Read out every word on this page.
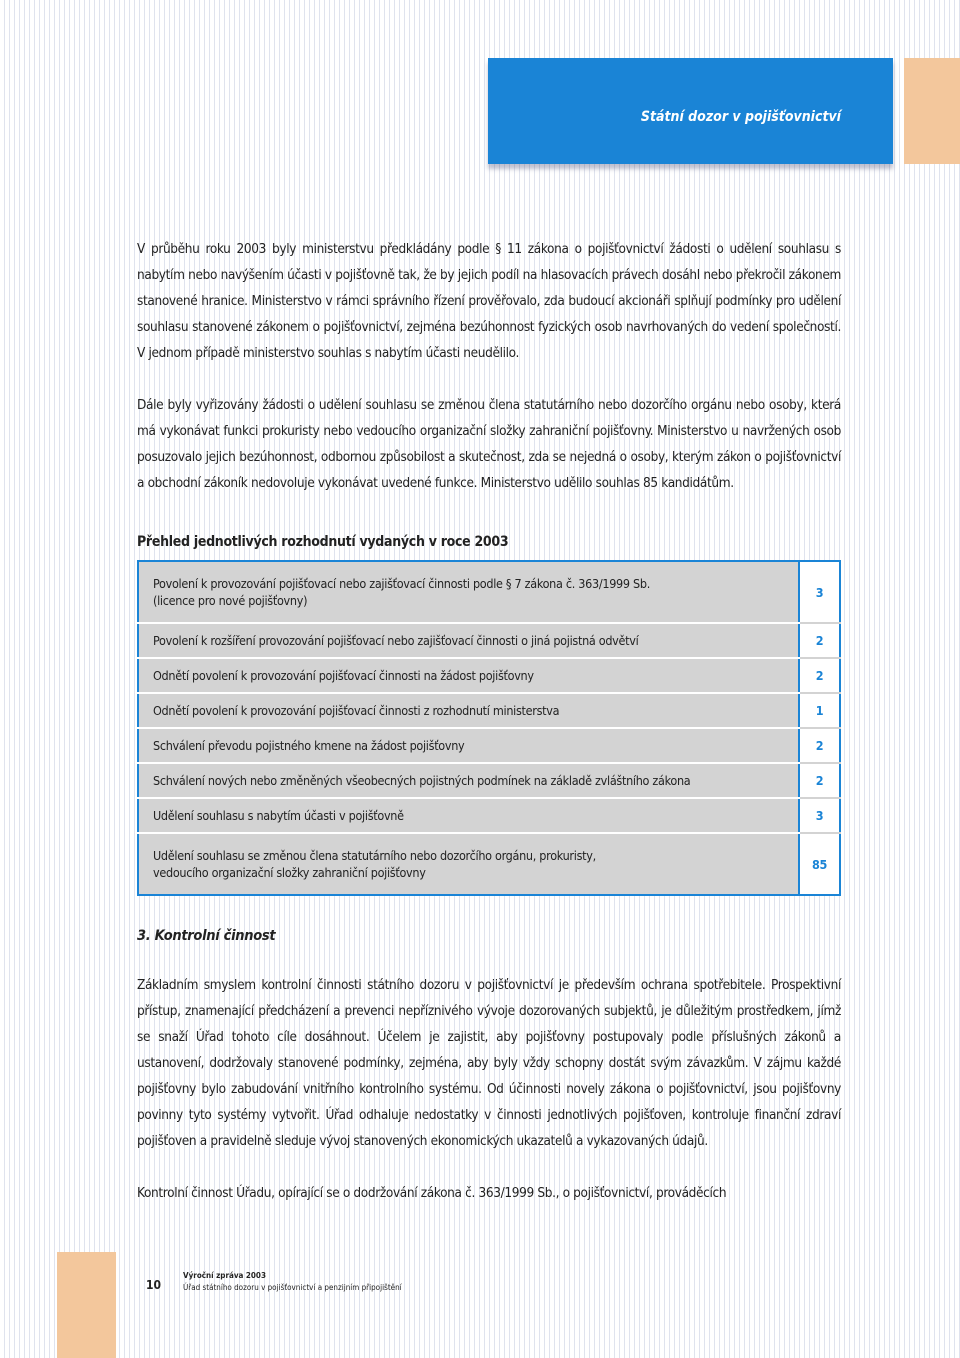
Státní dozor v pojišťovnictví

V průběhu roku 2003 byly ministerstvu předkládány podle § 11 zákona o pojišťovnictví žádosti o udělení souhlasu s nabytím nebo navýšením účasti v pojišťovně tak, že by jejich podíl na hlasovacích právech dosáhl nebo překročil zákonem stanovené hranice. Ministerstvo v rámci správního řízení prověřovalo, zda budoucí akcionáři splňují podmínky pro udělení souhlasu stanovené zákonem o pojišťovnictví, zejména bezúhonnost fyzických osob navrhovaných do vedení společností. V jednom případě ministerstvo souhlas s nabytím účasti neudělilo.

Dále byly vyřizovány žádosti o udělení souhlasu se změnou člena statutárního nebo dozorčího orgánu nebo osoby, která má vykonávat funkci prokuristy nebo vedoucího organizační složky zahraniční pojišťovny. Ministerstvo u navržených osob posuzovalo jejich bezúhonnost, odbornou způsobilost a skutečnost, zda se nejedná o osoby, kterým zákon o pojišťovnictví a obchodní zákoník nedovoluje vykonávat uvedené funkce. Ministerstvo udělilo souhlas 85 kandidátům.

Přehled jednotlivých rozhodnutí vydaných v roce 2003
Povolení k provozování pojišťovací nebo zajišťovací činnosti podle § 7 zákona č. 363/1999 Sb.
(licence pro nové pojišťovny)	3
Povolení k rozšíření provozování pojišťovací nebo zajišťovací činnosti o jiná pojistná odvětví	2
Odnětí povolení k provozování pojišťovací činnosti na žádost pojišťovny	2
Odnětí povolení k provozování pojišťovací činnosti z rozhodnutí ministerstva	1
Schválení převodu pojistného kmene na žádost pojišťovny	2
Schválení nových nebo změněných všeobecných pojistných podmínek na základě zvláštního zákona	2
Udělení souhlasu s nabytím účasti v pojišťovně	3
Udělení souhlasu se změnou člena statutárního nebo dozorčího orgánu, prokuristy,
vedoucího organizační složky zahraniční pojišťovny	85
3. Kontrolní činnost

Základním smyslem kontrolní činnosti státního dozoru v pojišťovnictví je především ochrana spotřebitele. Prospektivní přístup, znamenající předcházení a prevenci nepříznivého vývoje dozorovaných subjektů, je důležitým prostředkem, jímž se snaží Úřad tohoto cíle dosáhnout. Účelem je zajistit, aby pojišťovny postupovaly podle příslušných zákonů a ustanovení, dodržovaly stanovené podmínky, zejména, aby byly vždy schopny dostát svým závazkům. V zájmu každé pojišťovny bylo zabudování vnitřního kontrolního systému. Od účinnosti novely zákona o pojišťovnictví, jsou pojišťovny povinny tyto systémy vytvořit. Úřad odhaluje nedostatky v činnosti jednotlivých pojišťoven, kontroluje finanční zdraví pojišťoven a pravidelně sleduje vývoj stanovených ekonomických ukazatelů a vykazovaných údajů.

Kontrolní činnost Úřadu, opírající se o dodržování zákona č. 363/1999 Sb., o pojišťovnictví, prováděcích

10
Výroční zpráva 2003
Úřad státního dozoru v pojišťovnictví a penzijním připojištění
